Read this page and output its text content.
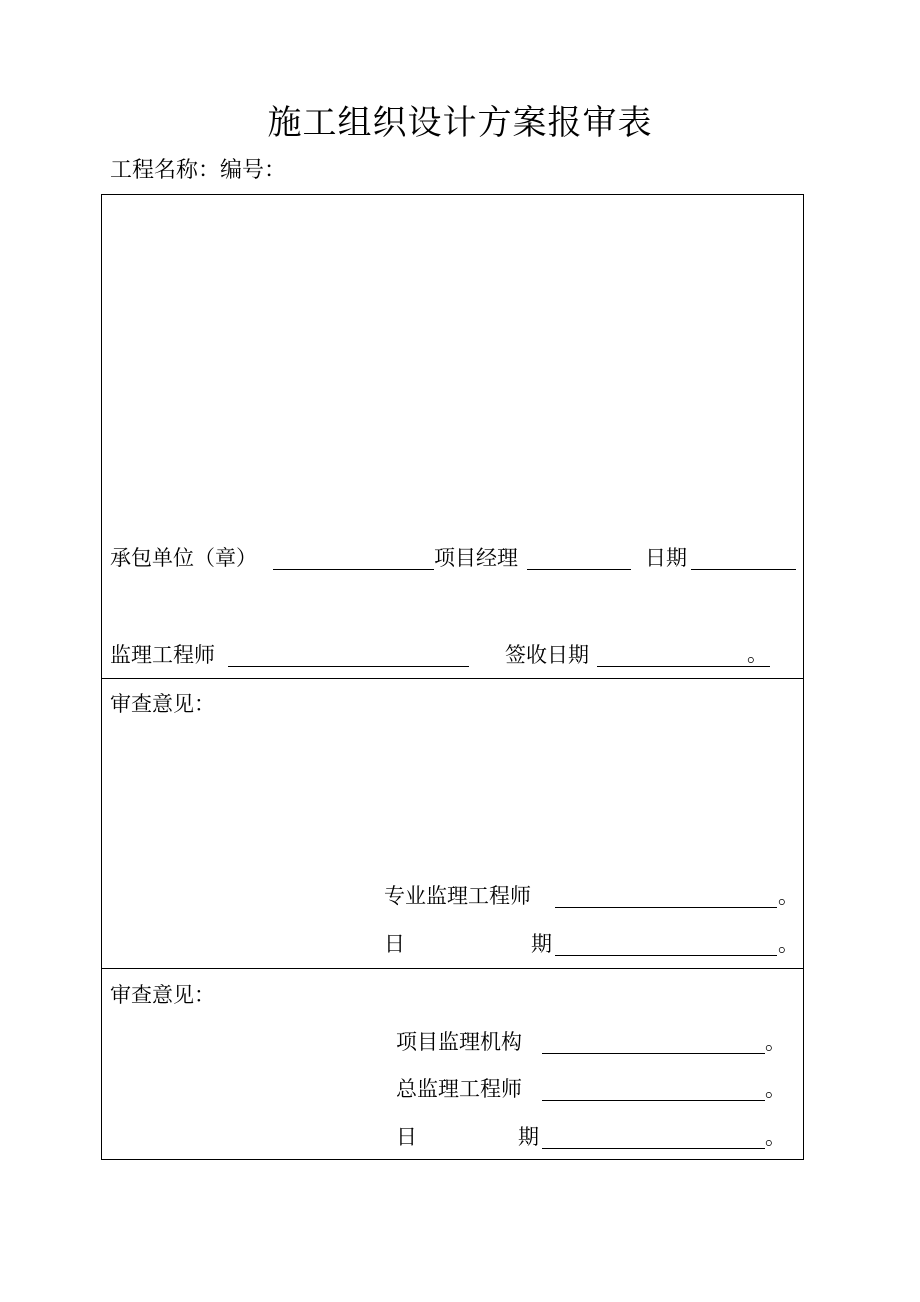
施工组织设计方案报审表
工程名称：编号：
承包单位（章）	项目经理	日期
监理工程师	签收日期	。
审查意见：
专业监理工程师	。
日	期	。
审查意见：
项目监理机构	。
总监理工程师	。
日	期	。
